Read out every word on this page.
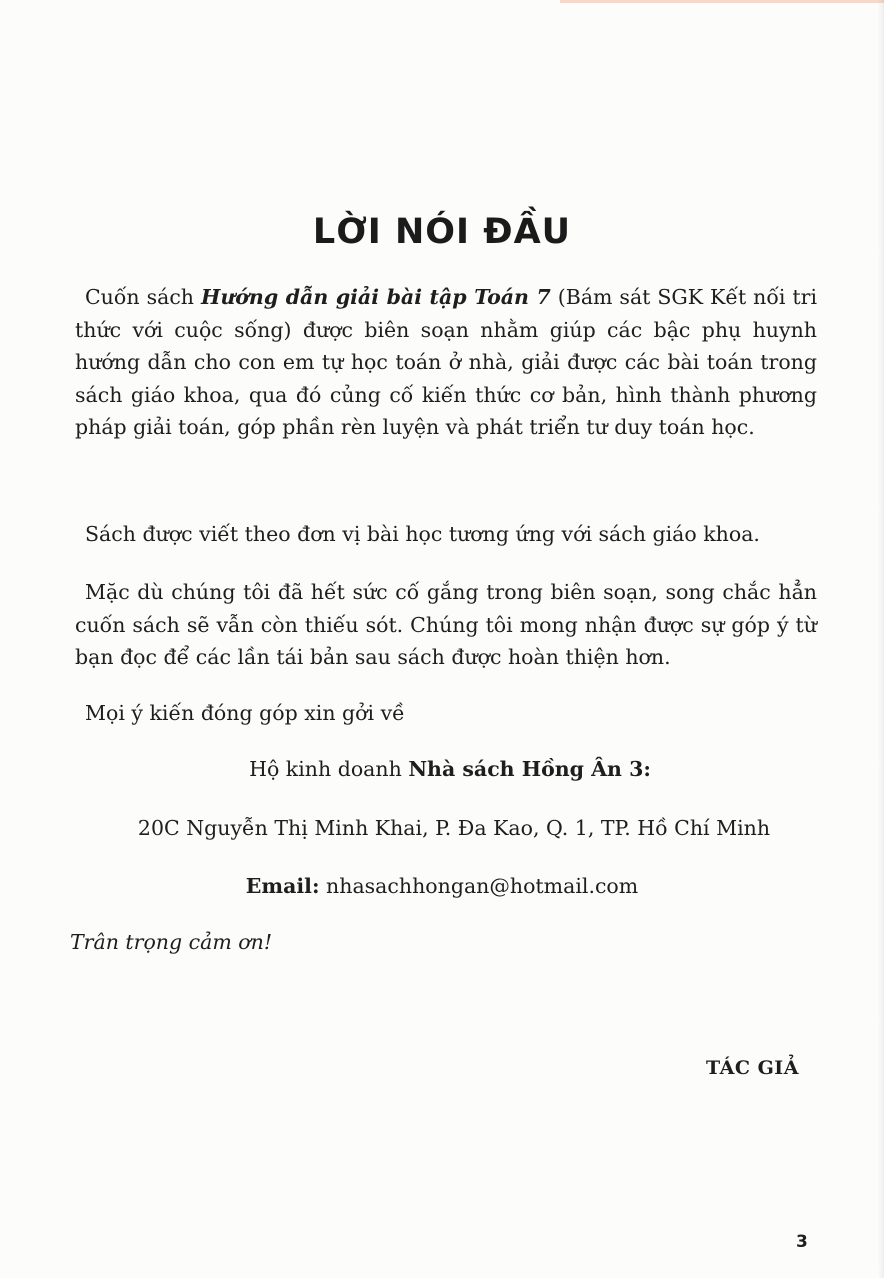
LỜI NÓI ĐẦU

Cuốn sách Hướng dẫn giải bài tập Toán 7 (Bám sát SGK Kết nối tri thức với cuộc sống) được biên soạn nhằm giúp các bậc phụ huynh hướng dẫn cho con em tự học toán ở nhà, giải được các bài toán trong sách giáo khoa, qua đó củng cố kiến thức cơ bản, hình thành phương pháp giải toán, góp phần rèn luyện và phát triển tư duy toán học.

Sách được viết theo đơn vị bài học tương ứng với sách giáo khoa.

Mặc dù chúng tôi đã hết sức cố gắng trong biên soạn, song chắc hẳn cuốn sách sẽ vẫn còn thiếu sót. Chúng tôi mong nhận được sự góp ý từ bạn đọc để các lần tái bản sau sách được hoàn thiện hơn.

Mọi ý kiến đóng góp xin gởi về

Hộ kinh doanh Nhà sách Hồng Ân 3:

20C Nguyễn Thị Minh Khai, P. Đa Kao, Q. 1, TP. Hồ Chí Minh

Email: nhasachhongan@hotmail.com

Trân trọng cảm ơn!

TÁC GIẢ

3
